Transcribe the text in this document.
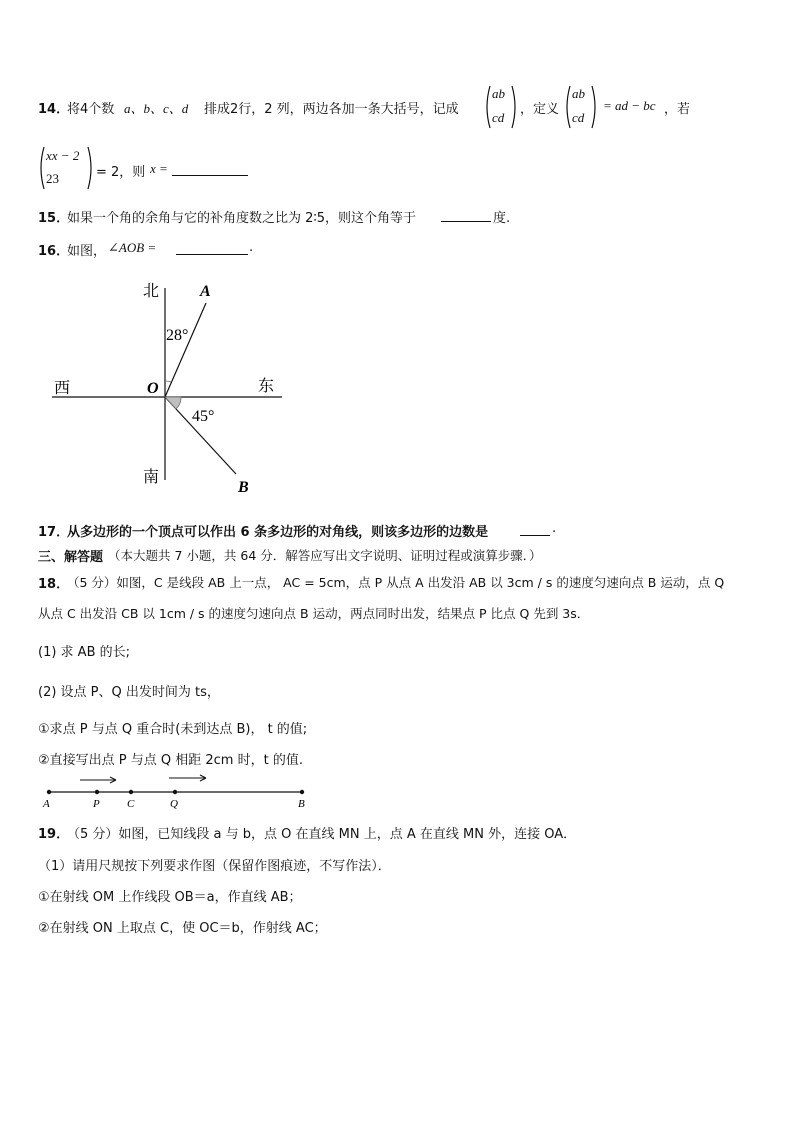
14．
将4个数 a、b、c、d 排成2行，2 列，两边各加一条大括号，记成
ab
cd
，定义
ab
cd
= ad − bc ，若
xx − 2
23	= 2，则 x =
15．
如果一个角的余角与它的补角度数之比为 2∶5，则这个角等于	度.
16．
如图， ∠AOB =	.
北
南
西	东
O
A
B
28°
45°
17．
从多边形的一个顶点可以作出 6 条多边形的对角线，则该多边形的边数是	.
三、解答题 （本大题共 7 小题，共 64 分．解答应写出文字说明、证明过程或演算步骤．）
18．
（5 分）如图，C 是线段 AB 上一点， AC = 5cm，点 P 从点 A 出发沿 AB 以 3cm / s 的速度匀速向点 B 运动，点 Q
从点 C 出发沿 CB 以 1cm / s 的速度匀速向点 B 运动，两点同时出发，结果点 P 比点 Q 先到 3s．
(1) 求 AB 的长;
(2) 设点 P、Q 出发时间为 ts，
①求点 P 与点 Q 重合时(未到达点 B)， t 的值;
②直接写出点 P 与点 Q 相距 2cm 时，t 的值.
A	P C	Q	B
19．
（5 分）如图，已知线段 a 与 b，点 O 在直线 MN 上，点 A 在直线 MN 外，连接 OA．
（1）请用尺规按下列要求作图（保留作图痕迹，不写作法）．
①在射线 OM 上作线段 OB＝a，作直线 AB；
②在射线 ON 上取点 C，使 OC＝b，作射线 AC；
